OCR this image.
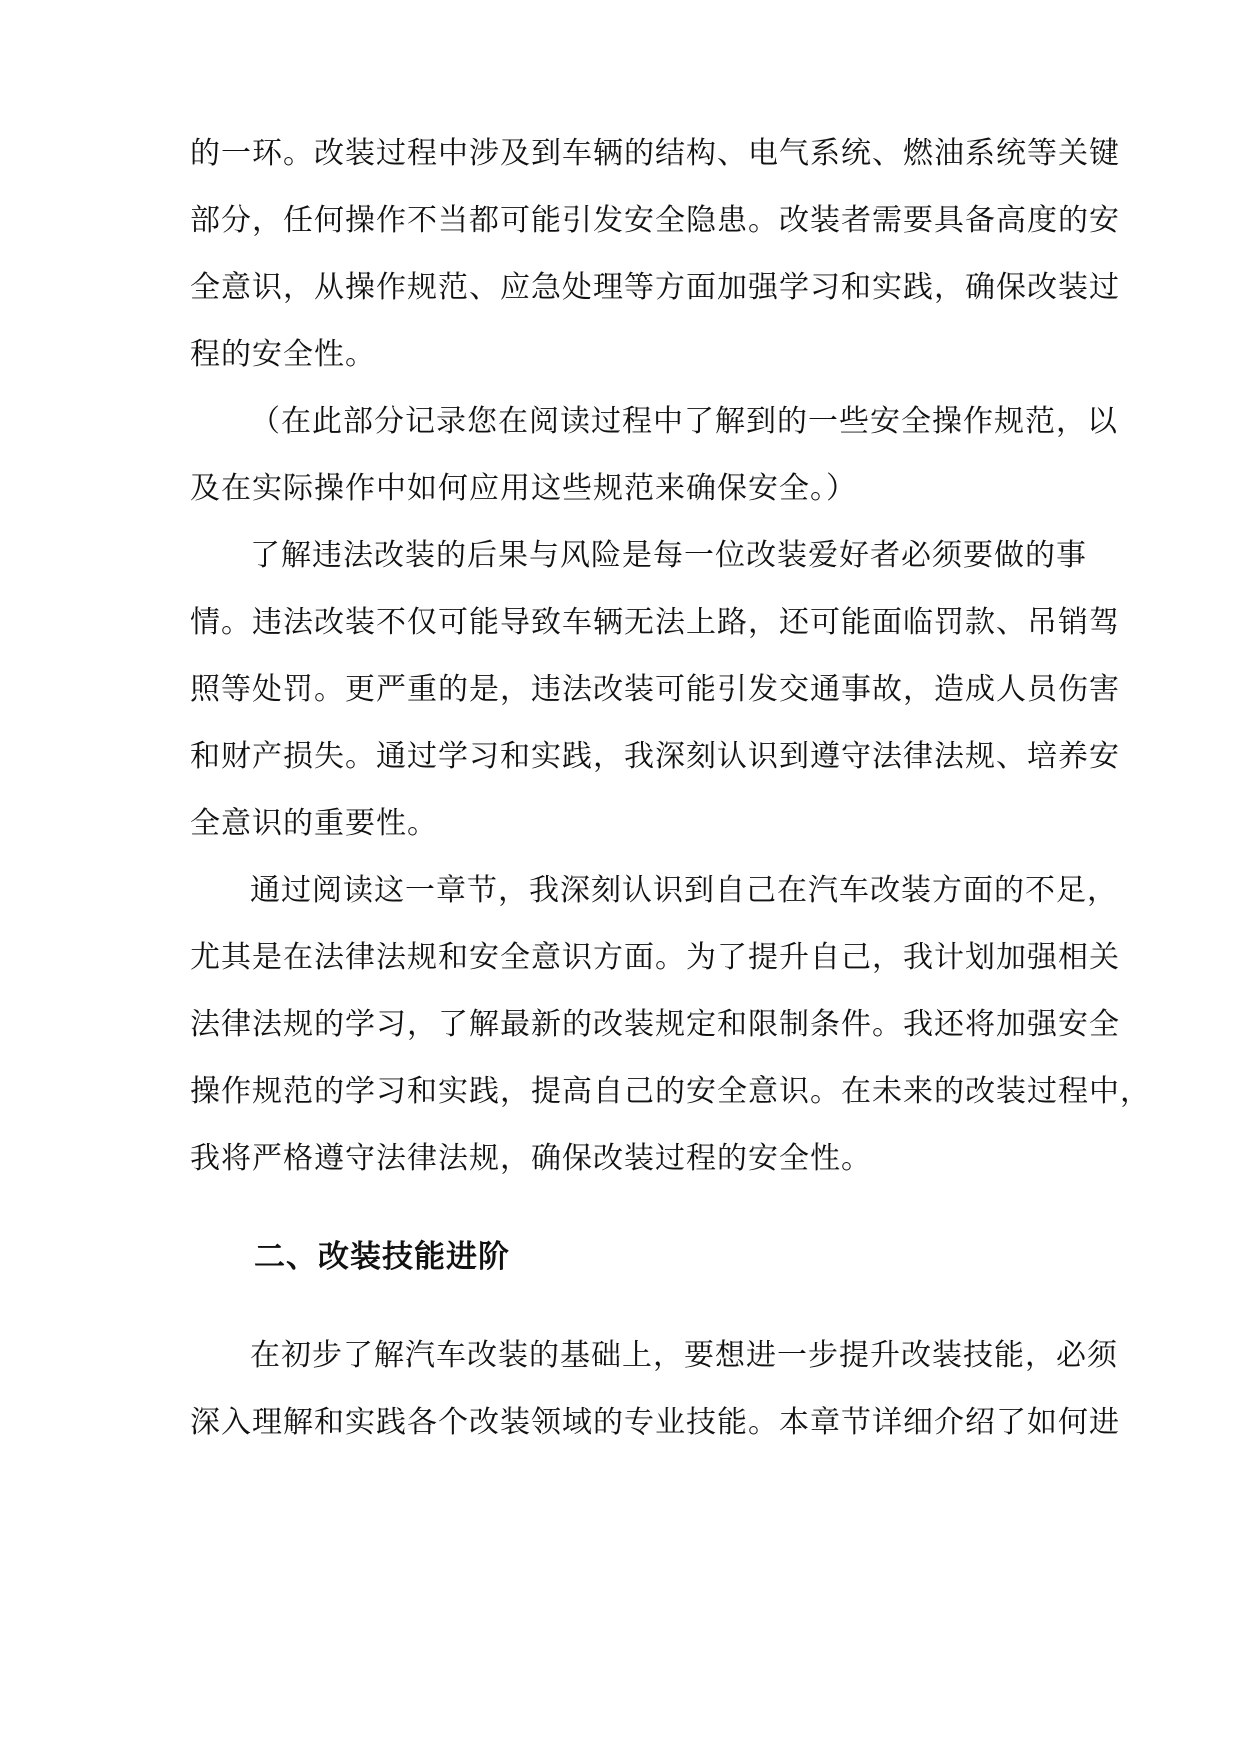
的一环。改装过程中涉及到车辆的结构、电气系统、燃油系统等关键
部分，任何操作不当都可能引发安全隐患。改装者需要具备高度的安
全意识，从操作规范、应急处理等方面加强学习和实践，确保改装过
程的安全性。
（在此部分记录您在阅读过程中了解到的一些安全操作规范，以
及在实际操作中如何应用这些规范来确保安全。）
了解违法改装的后果与风险是每一位改装爱好者必须要做的事
情。违法改装不仅可能导致车辆无法上路，还可能面临罚款、吊销驾
照等处罚。更严重的是，违法改装可能引发交通事故，造成人员伤害
和财产损失。通过学习和实践，我深刻认识到遵守法律法规、培养安
全意识的重要性。
通过阅读这一章节，我深刻认识到自己在汽车改装方面的不足，
尤其是在法律法规和安全意识方面。为了提升自己，我计划加强相关
法律法规的学习，了解最新的改装规定和限制条件。我还将加强安全
操作规范的学习和实践，提高自己的安全意识。在未来的改装过程中，
我将严格遵守法律法规，确保改装过程的安全性。
二、改装技能进阶
在初步了解汽车改装的基础上，要想进一步提升改装技能，必须
深入理解和实践各个改装领域的专业技能。本章节详细介绍了如何进
